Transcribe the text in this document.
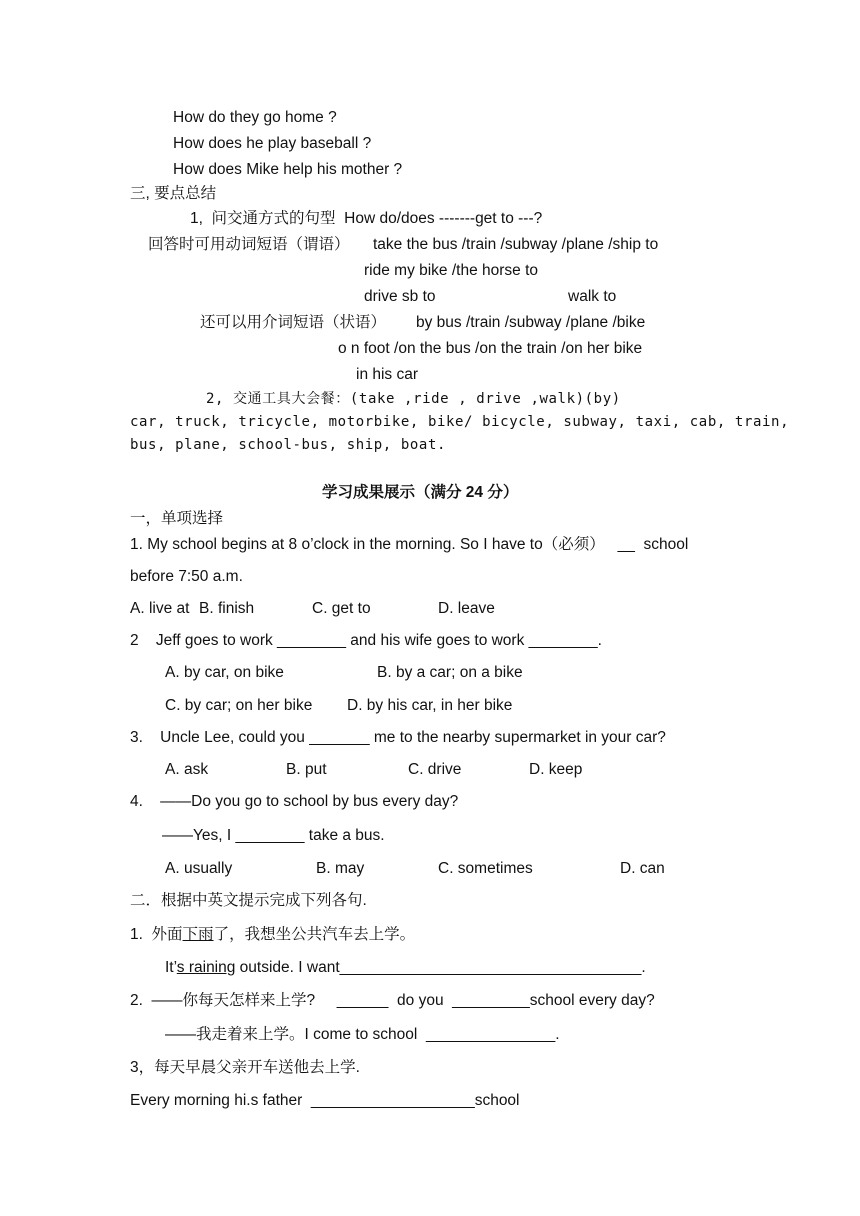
How do they go home ?
How does he play baseball ?
How does Mike help his mother ?
三, 要点总结
1,  问交通方式的句型  How do/does -------get to ---?
回答时可用动词短语（谓语） take the bus /train /subway /plane /ship to
ride my bike /the horse to
drive sb to	walk to
还可以用介词短语（状语） by bus /train /subway /plane /bike
o n foot /on the bus /on the train /on her bike
in his car
2, 交通工具大会餐：(take ,ride , drive ,walk)(by)
car, truck, tricycle, motorbike, bike/ bicycle, subway, taxi, cab, train,
bus, plane, school-bus, ship, boat.
学习成果展示（满分 24 分）
一，单项选择
1. My school begins at 8 o’clock in the morning. So I have to（必须） __ school
before 7:50 a.m.
A. live at B. finish	C. get to	D. leave
2    Jeff goes to work ________ and his wife goes to work ________.
A. by car, on bike	B. by a car; on a bike
C. by car; on her bike D. by his car, in her bike
3.    Uncle Lee, could you _______ me to the nearby supermarket in your car?
A. ask	B. put	C. drive	D. keep
4.    ——Do you go to school by bus every day?
——Yes, I ________ take a bus.
A. usually	B. may	C. sometimes	D. can
二．根据中英文提示完成下列各句.
1.  外面下雨了，我想坐公共汽车去上学。
It’s raining outside. I want___________________________________.
2.  ——你每天怎样来上学?     ______  do you  _________school every day?
——我走着来上学。I come to school  _______________.
3，每天早晨父亲开车送他去上学.
Every morning hi.s father  ___________________school
